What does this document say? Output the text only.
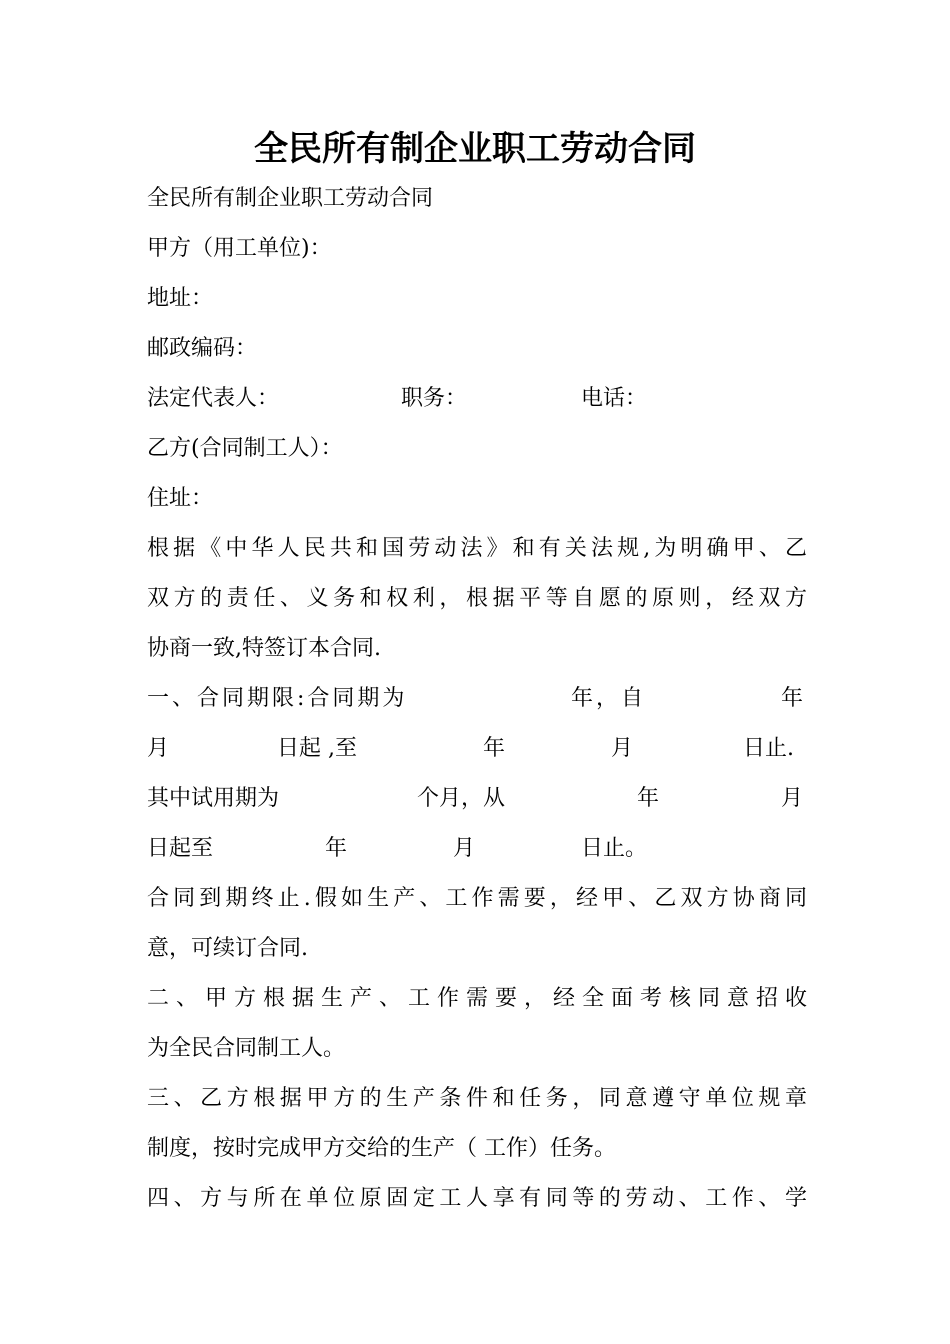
全民所有制企业职工劳动合同

全民所有制企业职工劳动合同

甲方（用工单位)：

地址：

邮政编码：

法定代表人：	职务：	电话：

乙方(合同制工人）：

住址：

根据《中华人民共和国劳动法》和有关法规,为明确甲、乙

双方的责任、义务和权利，根据平等自愿的原则，经双方

协商一致,特签订本合同.

一、合同期限:合同期为	年，自	年
月	日起 ,至	年	月	日止.
其中试用期为	个月，从	年	月
日起至	年	月	日止。

合同到期终止.假如生产、工作需要，经甲、乙双方协商同

意，可续订合同.

二、甲方根据生产、工作需要，经全面考核同意招收

为全民合同制工人。

三、乙方根据甲方的生产条件和任务，同意遵守单位规章

制度，按时完成甲方交给的生产（ 工作）任务。

四、方与所在单位原固定工人享有同等的劳动、工作、学
